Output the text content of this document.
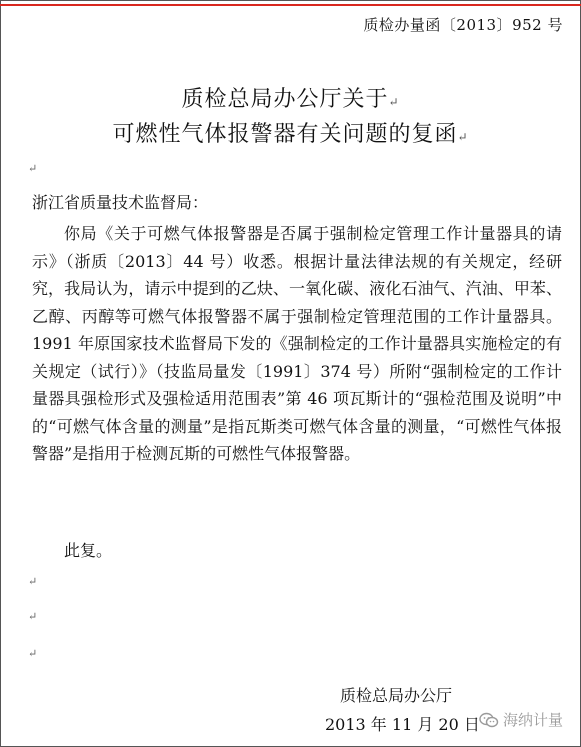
质检办量函〔2013〕952 号
质检总局办公厅关于↵
可燃性气体报警器有关问题的复函↵
↵
浙江省质量技术监督局：
你局《关于可燃气体报警器是否属于强制检定管理工作计量器具的请示》（浙质〔2013〕44 号）收悉。根据计量法律法规的有关规定，经研究，我局认为，请示中提到的乙炔、一氧化碳、液化石油气、汽油、甲苯、乙醇、丙醇等可燃气体报警器不属于强制检定管理范围的工作计量器具。1991 年原国家技术监督局下发的《强制检定的工作计量器具实施检定的有关规定（试行）》（技监局量发〔1991〕374 号）所附“强制检定的工作计量器具强检形式及强检适用范围表”第 46 项瓦斯计的“强检范围及说明”中的“可燃气体含量的测量”是指瓦斯类可燃气体含量的测量，“可燃性气体报警器”是指用于检测瓦斯的可燃性气体报警器。
此复。
↵
↵
↵
质检总局办公厅
2013 年 11 月 20 日 海纳计量
